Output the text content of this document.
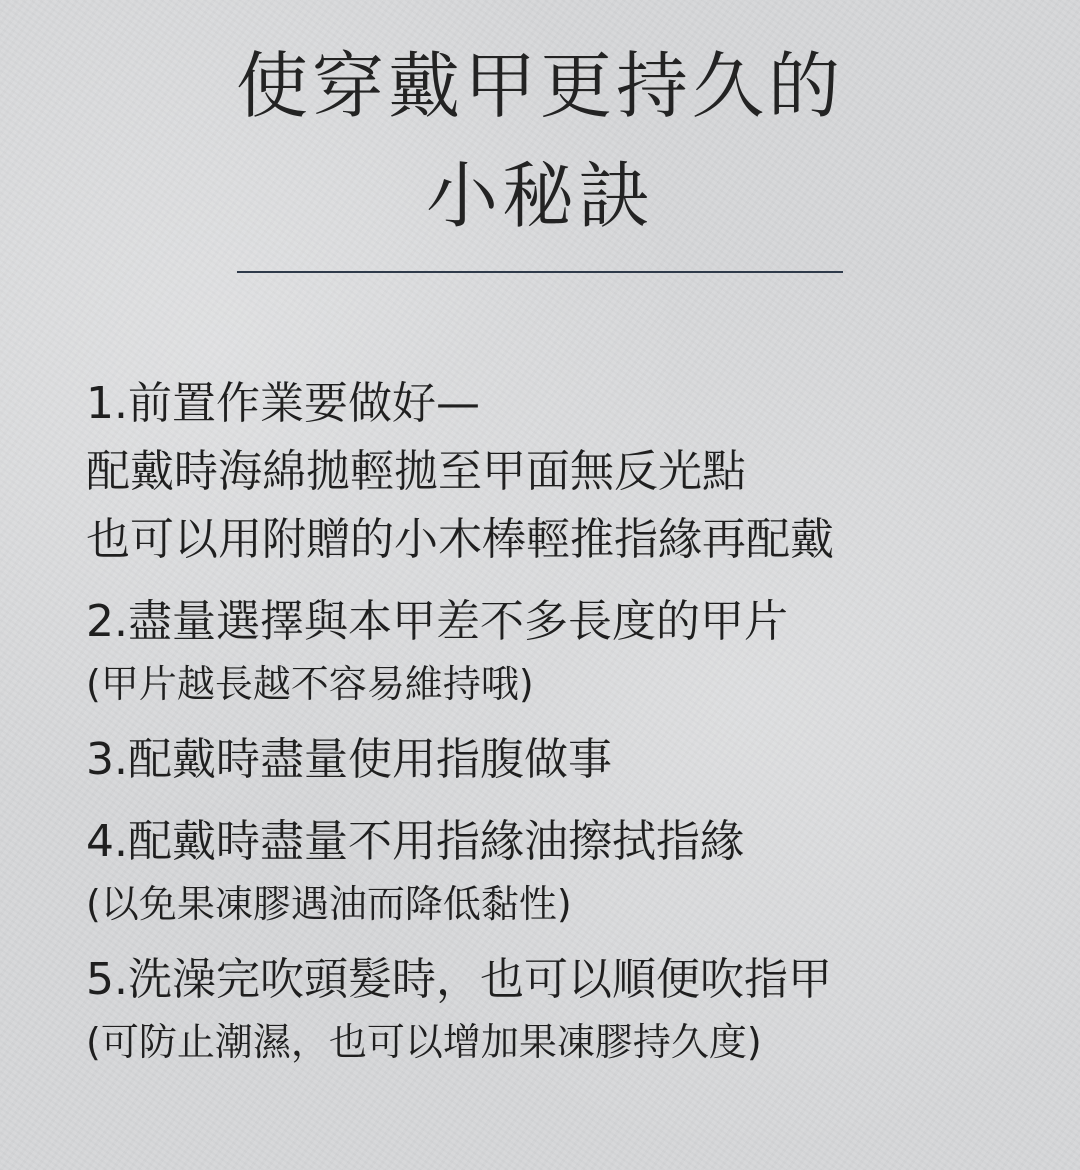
使穿戴甲更持久的
小秘訣
1.前置作業要做好—
配戴時海綿拋輕拋至甲面無反光點
也可以用附贈的小木棒輕推指緣再配戴
2.盡量選擇與本甲差不多長度的甲片
(甲片越長越不容易維持哦)
3.配戴時盡量使用指腹做事
4.配戴時盡量不用指緣油擦拭指緣
(以免果凍膠遇油而降低黏性)
5.洗澡完吹頭髮時，也可以順便吹指甲
(可防止潮濕，也可以增加果凍膠持久度)
